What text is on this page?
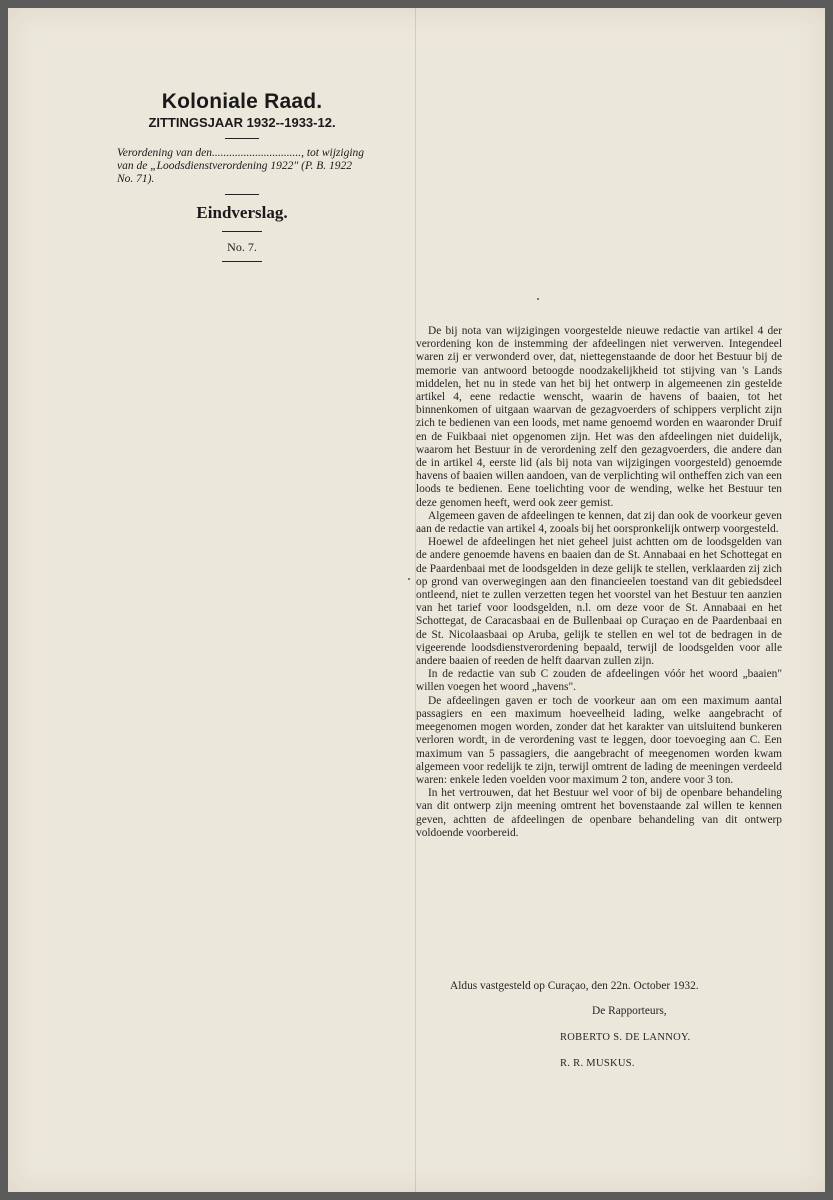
Koloniale Raad.
ZITTINGSJAAR 1932--1933-12.
Verordening van den..............................., tot wijziging van de „Loodsdienstverordening 1922" (P. B. 1922 No. 71).
Eindverslag.
No. 7.

De bij nota van wijzigingen voorgestelde nieuwe redactie van artikel 4 der verordening kon de instemming der afdeelingen niet verwerven. Integendeel waren zij er verwonderd over, dat, niettegenstaande de door het Bestuur bij de memorie van antwoord betoogde noodzakelijkheid tot stijving van 's Lands middelen, het nu in stede van het bij het ontwerp in algemeenen zin gestelde artikel 4, eene redactie wenscht, waarin de havens of baaien, tot het binnenkomen of uitgaan waarvan de gezagvoerders of schippers verplicht zijn zich te bedienen van een loods, met name genoemd worden en waaronder Druif en de Fuikbaai niet opgenomen zijn. Het was den afdeelingen niet duidelijk, waarom het Bestuur in de verordening zelf den gezagvoerders, die andere dan de in artikel 4, eerste lid (als bij nota van wijzigingen voorgesteld) genoemde havens of baaien willen aandoen, van de verplichting wil ontheffen zich van een loods te bedienen. Eene toelichting voor de wending, welke het Bestuur ten deze genomen heeft, werd ook zeer gemist.

Algemeen gaven de afdeelingen te kennen, dat zij dan ook de voorkeur geven aan de redactie van artikel 4, zooals bij het oorspronkelijk ontwerp voorgesteld.

Hoewel de afdeelingen het niet geheel juist achtten om de loodsgelden van de andere genoemde havens en baaien dan de St. Annabaai en het Schottegat en de Paardenbaai met de loodsgelden in deze gelijk te stellen, verklaarden zij zich op grond van overwegingen aan den financieelen toestand van dit gebiedsdeel ontleend, niet te zullen verzetten tegen het voorstel van het Bestuur ten aanzien van het tarief voor loodsgelden, n.l. om deze voor de St. Annabaai en het Schottegat, de Caracasbaai en de Bullenbaai op Curaçao en de Paardenbaai en de St. Nicolaasbaai op Aruba, gelijk te stellen en wel tot de bedragen in de vigeerende loodsdienstverordening bepaald, terwijl de loodsgelden voor alle andere baaien of reeden de helft daarvan zullen zijn.

In de redactie van sub C zouden de afdeelingen vóór het woord „baaien" willen voegen het woord „havens".

De afdeelingen gaven er toch de voorkeur aan om een maximum aantal passagiers en een maximum hoeveelheid lading, welke aangebracht of meegenomen mogen worden, zonder dat het karakter van uitsluitend bunkeren verloren wordt, in de verordening vast te leggen, door toevoeging aan C. Een maximum van 5 passagiers, die aangebracht of meegenomen worden kwam algemeen voor redelijk te zijn, terwijl omtrent de lading de meeningen verdeeld waren: enkele leden voelden voor maximum 2 ton, andere voor 3 ton.

In het vertrouwen, dat het Bestuur wel voor of bij de openbare behandeling van dit ontwerp zijn meening omtrent het bovenstaande zal willen te kennen geven, achtten de afdeelingen de openbare behandeling van dit ontwerp voldoende voorbereid.

Aldus vastgesteld op Curaçao, den 22n. October 1932.
De Rapporteurs,
ROBERTO S. DE LANNOY.
R. R. MUSKUS.
